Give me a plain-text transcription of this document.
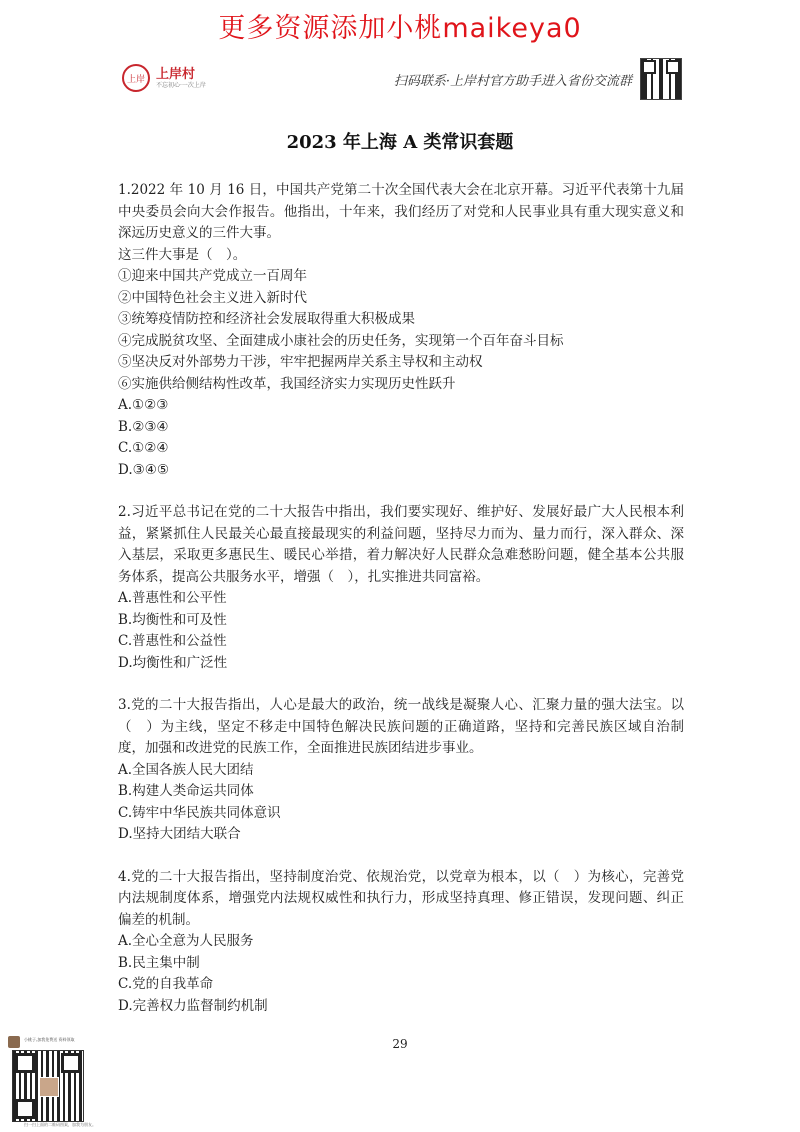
更多资源添加小桃maikeya0
上岸 上岸村
不忘初心·一次上岸	扫码联系·上岸村官方助手进入省份交流群
2023 年上海 A 类常识套题

1.2022 年 10 月 16 日，中国共产党第二十次全国代表大会在北京开幕。习近平代表第十九届中央委员会向大会作报告。他指出，十年来，我们经历了对党和人民事业具有重大现实意义和深远历史意义的三件大事。

这三件大事是（　）。

①迎来中国共产党成立一百周年

②中国特色社会主义进入新时代

③统筹疫情防控和经济社会发展取得重大积极成果

④完成脱贫攻坚、全面建成小康社会的历史任务，实现第一个百年奋斗目标

⑤坚决反对外部势力干涉，牢牢把握两岸关系主导权和主动权

⑥实施供给侧结构性改革，我国经济实力实现历史性跃升

A.①②③

B.②③④

C.①②④

D.③④⑤

2.习近平总书记在党的二十大报告中指出，我们要实现好、维护好、发展好最广大人民根本利益，紧紧抓住人民最关心最直接最现实的利益问题，坚持尽力而为、量力而行，深入群众、深入基层，采取更多惠民生、暖民心举措，着力解决好人民群众急难愁盼问题，健全基本公共服务体系，提高公共服务水平，增强（　），扎实推进共同富裕。

A.普惠性和公平性

B.均衡性和可及性

C.普惠性和公益性

D.均衡性和广泛性

3.党的二十大报告指出，人心是最大的政治，统一战线是凝聚人心、汇聚力量的强大法宝。以（　）为主线，坚定不移走中国特色解决民族问题的正确道路，坚持和完善民族区域自治制度，加强和改进党的民族工作，全面推进民族团结进步事业。

A.全国各族人民大团结

B.构建人类命运共同体

C.铸牢中华民族共同体意识

D.坚持大团结大联合

4.党的二十大报告指出，坚持制度治党、依规治党，以党章为根本，以（　）为核心，完善党内法规制度体系，增强党内法规权威性和执行力，形成坚持真理、修正错误，发现问题、纠正偏差的机制。

A.全心全意为人民服务

B.民主集中制

C.党的自我革命

D.完善权力监督制约机制

29
小桃子,加我免费送 资料领取
扫一扫上面的二维码图案，加我为朋友。
